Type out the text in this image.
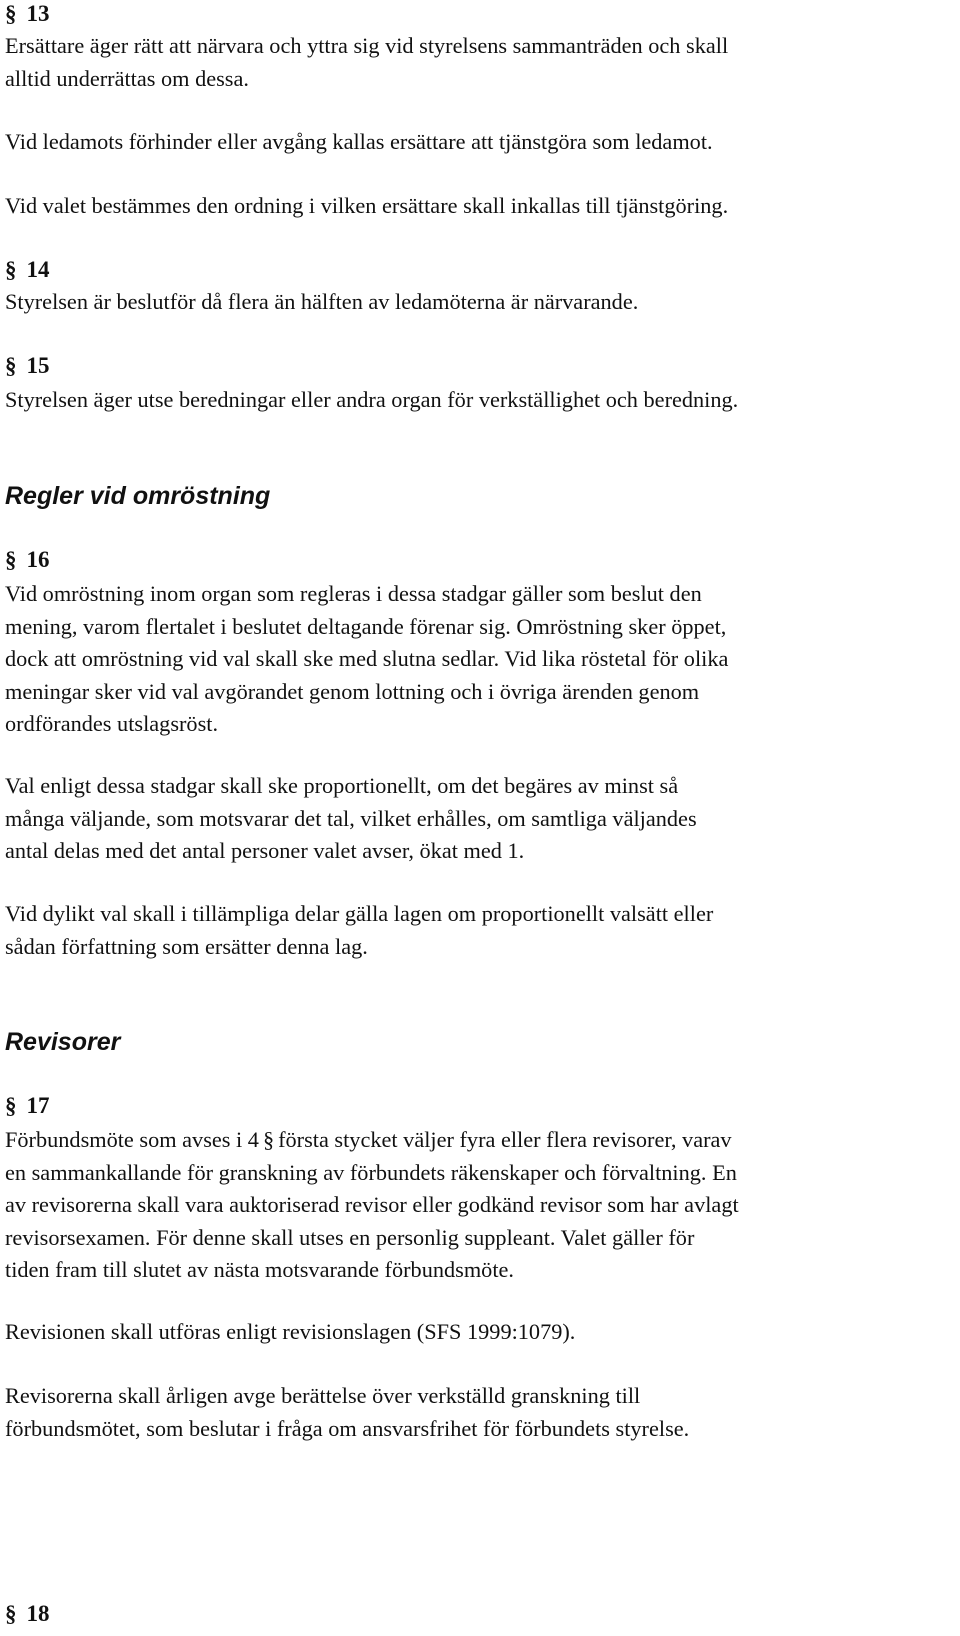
§ 13
Ersättare äger rätt att närvara och yttra sig vid styrelsens sammanträden och skall
alltid underrättas om dessa.
Vid ledamots förhinder eller avgång kallas ersättare att tjänstgöra som ledamot.
Vid valet bestämmes den ordning i vilken ersättare skall inkallas till tjänstgöring.
§ 14
Styrelsen är beslutför då flera än hälften av ledamöterna är närvarande.
§ 15
Styrelsen äger utse beredningar eller andra organ för verkställighet och beredning.
Regler vid omröstning
§ 16
Vid omröstning inom organ som regleras i dessa stadgar gäller som beslut den
mening, varom flertalet i beslutet deltagande förenar sig. Omröstning sker öppet,
dock att omröstning vid val skall ske med slutna sedlar. Vid lika röstetal för olika
meningar sker vid val avgörandet genom lottning och i övriga ärenden genom
ordförandes utslagsröst.
Val enligt dessa stadgar skall ske proportionellt, om det begäres av minst så
många väljande, som motsvarar det tal, vilket erhålles, om samtliga väljandes
antal delas med det antal personer valet avser, ökat med 1.
Vid dylikt val skall i tillämpliga delar gälla lagen om proportionellt valsätt eller
sådan författning som ersätter denna lag.
Revisorer
§ 17
Förbundsmöte som avses i 4 § första stycket väljer fyra eller flera revisorer, varav
en sammankallande för granskning av förbundets räkenskaper och förvaltning. En
av revisorerna skall vara auktoriserad revisor eller godkänd revisor som har avlagt
revisorsexamen. För denne skall utses en personlig suppleant. Valet gäller för
tiden fram till slutet av nästa motsvarande förbundsmöte.
Revisionen skall utföras enligt revisionslagen (SFS 1999:1079).
Revisorerna skall årligen avge berättelse över verkställd granskning till
förbundsmötet, som beslutar i fråga om ansvarsfrihet för förbundets styrelse.
§ 18
